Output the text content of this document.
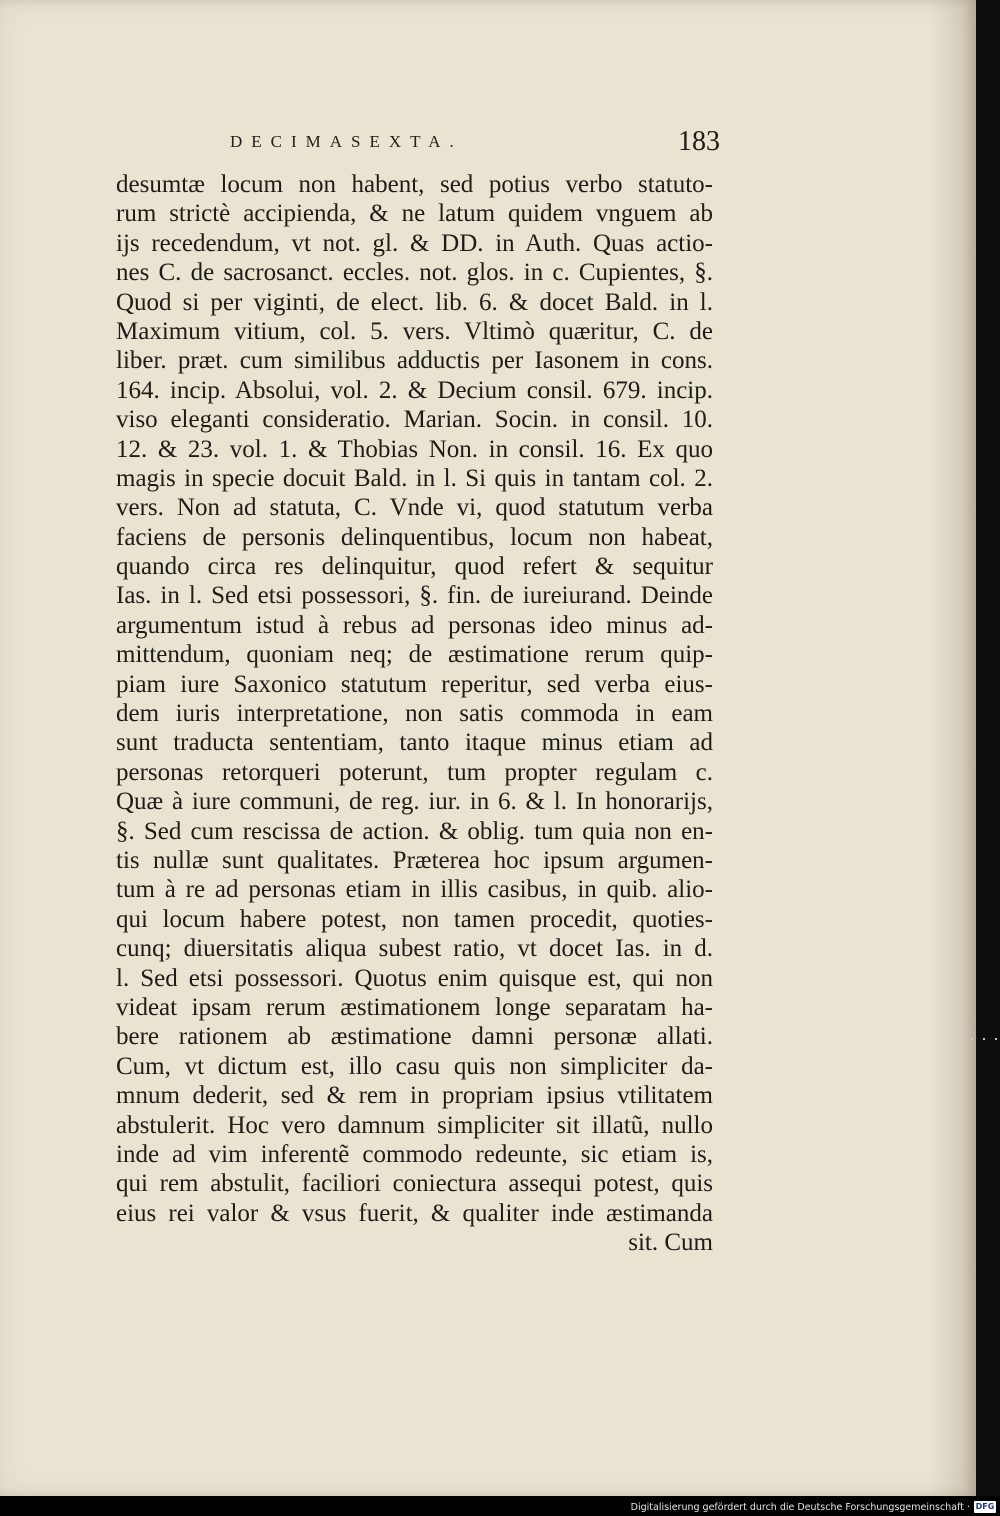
DECIMASEXTA.	183
desumtæ locum non habent, sed potius verbo statuto-
rum strictè accipienda, & ne latum quidem vnguem ab
ijs recedendum, vt not. gl. & DD. in Auth. Quas actio-
nes C. de sacrosanct. eccles. not. glos. in c. Cupientes, §.
Quod si per viginti, de elect. lib. 6. & docet Bald. in l.
Maximum vitium, col. 5. vers. Vltimò quæritur, C. de
liber. præt. cum similibus adductis per Iasonem in cons.
164. incip. Absolui, vol. 2. & Decium consil. 679. incip.
viso eleganti consideratio. Marian. Socin. in consil. 10.
12. & 23. vol. 1. & Thobias Non. in consil. 16. Ex quo
magis in specie docuit Bald. in l. Si quis in tantam col. 2.
vers. Non ad statuta, C. Vnde vi, quod statutum verba
faciens de personis delinquentibus, locum non habeat,
quando circa res delinquitur, quod refert & sequitur
Ias. in l. Sed etsi possessori, §. fin. de iureiurand. Deinde
argumentum istud à rebus ad personas ideo minus ad-
mittendum, quoniam neq; de æstimatione rerum quip-
piam iure Saxonico statutum reperitur, sed verba eius-
dem iuris interpretatione, non satis commoda in eam
sunt traducta sententiam, tanto itaque minus etiam ad
personas retorqueri poterunt, tum propter regulam c.
Quæ à iure communi, de reg. iur. in 6. & l. In honorarijs,
§. Sed cum rescissa de action. & oblig. tum quia non en-
tis nullæ sunt qualitates. Præterea hoc ipsum argumen-
tum à re ad personas etiam in illis casibus, in quib. alio-
qui locum habere potest, non tamen procedit, quoties-
cunq; diuersitatis aliqua subest ratio, vt docet Ias. in d.
l. Sed etsi possessori. Quotus enim quisque est, qui non
videat ipsam rerum æstimationem longe separatam ha-
bere rationem ab æstimatione damni personæ allati.
Cum, vt dictum est, illo casu quis non simpliciter da-
mnum dederit, sed & rem in propriam ipsius vtilitatem
abstulerit. Hoc vero damnum simpliciter sit illatũ, nullo
inde ad vim inferentẽ commodo redeunte, sic etiam is,
qui rem abstulit, faciliori coniectura assequi potest, quis
eius rei valor & vsus fuerit, & qualiter inde æstimanda
sit. Cum
Digitalisierung gefördert durch die Deutsche Forschungsgemeinschaft · DFG
